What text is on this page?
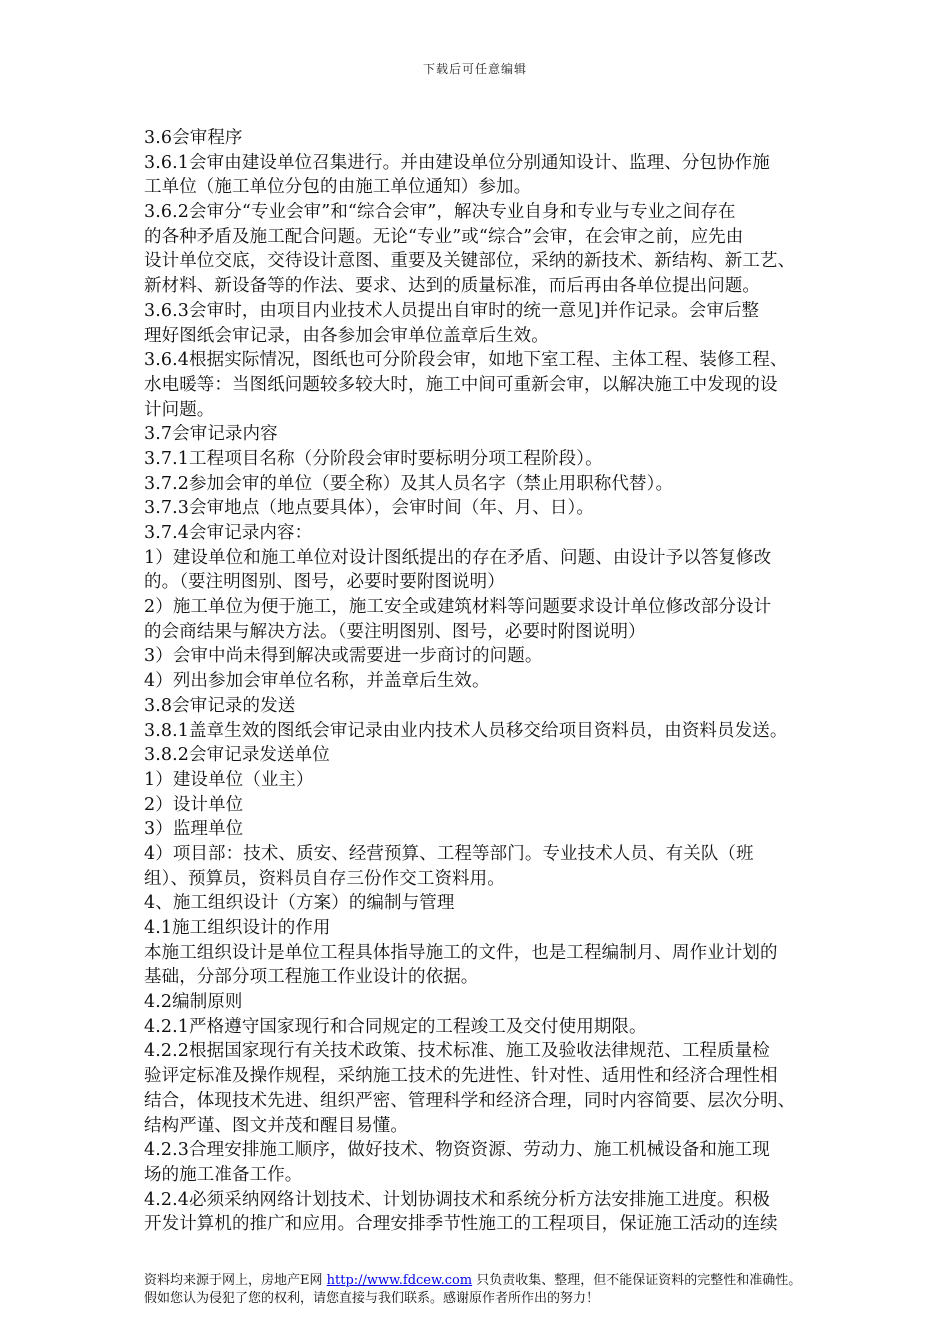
下载后可任意编辑
3.6会审程序
3.6.1会审由建设单位召集进行。并由建设单位分别通知设计、监理、分包协作施
工单位（施工单位分包的由施工单位通知）参加。
3.6.2会审分“专业会审”和“综合会审”，解决专业自身和专业与专业之间存在
的各种矛盾及施工配合问题。无论“专业”或“综合”会审，在会审之前，应先由
设计单位交底，交待设计意图、重要及关键部位，采纳的新技术、新结构、新工艺、
新材料、新设备等的作法、要求、达到的质量标准，而后再由各单位提出问题。
3.6.3会审时，由项目内业技术人员提出自审时的统一意见]并作记录。会审后整
理好图纸会审记录，由各参加会审单位盖章后生效。
3.6.4根据实际情况，图纸也可分阶段会审，如地下室工程、主体工程、装修工程、
水电暖等：当图纸问题较多较大时，施工中间可重新会审，以解决施工中发现的设
计问题。
3.7会审记录内容
3.7.1工程项目名称（分阶段会审时要标明分项工程阶段）。
3.7.2参加会审的单位（要全称）及其人员名字（禁止用职称代替）。
3.7.3会审地点（地点要具体），会审时间（年、月、日）。
3.7.4会审记录内容：
1）建设单位和施工单位对设计图纸提出的存在矛盾、问题、由设计予以答复修改
的。（要注明图别、图号，必要时要附图说明）
2）施工单位为便于施工，施工安全或建筑材料等问题要求设计单位修改部分设计
的会商结果与解决方法。（要注明图别、图号，必要时附图说明）
3）会审中尚未得到解决或需要进一步商讨的问题。
4）列出参加会审单位名称，并盖章后生效。
3.8会审记录的发送
3.8.1盖章生效的图纸会审记录由业内技术人员移交给项目资料员，由资料员发送。
3.8.2会审记录发送单位
1）建设单位（业主）
2）设计单位
3）监理单位
4）项目部：技术、质安、经营预算、工程等部门。专业技术人员、有关队（班
组）、预算员，资料员自存三份作交工资料用。
4、施工组织设计（方案）的编制与管理
4.1施工组织设计的作用
本施工组织设计是单位工程具体指导施工的文件，也是工程编制月、周作业计划的
基础，分部分项工程施工作业设计的依据。
4.2编制原则
4.2.1严格遵守国家现行和合同规定的工程竣工及交付使用期限。
4.2.2根据国家现行有关技术政策、技术标准、施工及验收法律规范、工程质量检
验评定标准及操作规程，采纳施工技术的先进性、针对性、适用性和经济合理性相
结合，体现技术先进、组织严密、管理科学和经济合理，同时内容简要、层次分明、
结构严谨、图文并茂和醒目易懂。
4.2.3合理安排施工顺序，做好技术、物资资源、劳动力、施工机械设备和施工现
场的施工准备工作。
4.2.4必须采纳网络计划技术、计划协调技术和系统分析方法安排施工进度。积极
开发计算机的推广和应用。合理安排季节性施工的工程项目，保证施工活动的连续
资料均来源于网上，房地产E网 http://www.fdcew.com 只负责收集、整理，但不能保证资料的完整性和准确性。
假如您认为侵犯了您的权利，请您直接与我们联系。感谢原作者所作出的努力！
